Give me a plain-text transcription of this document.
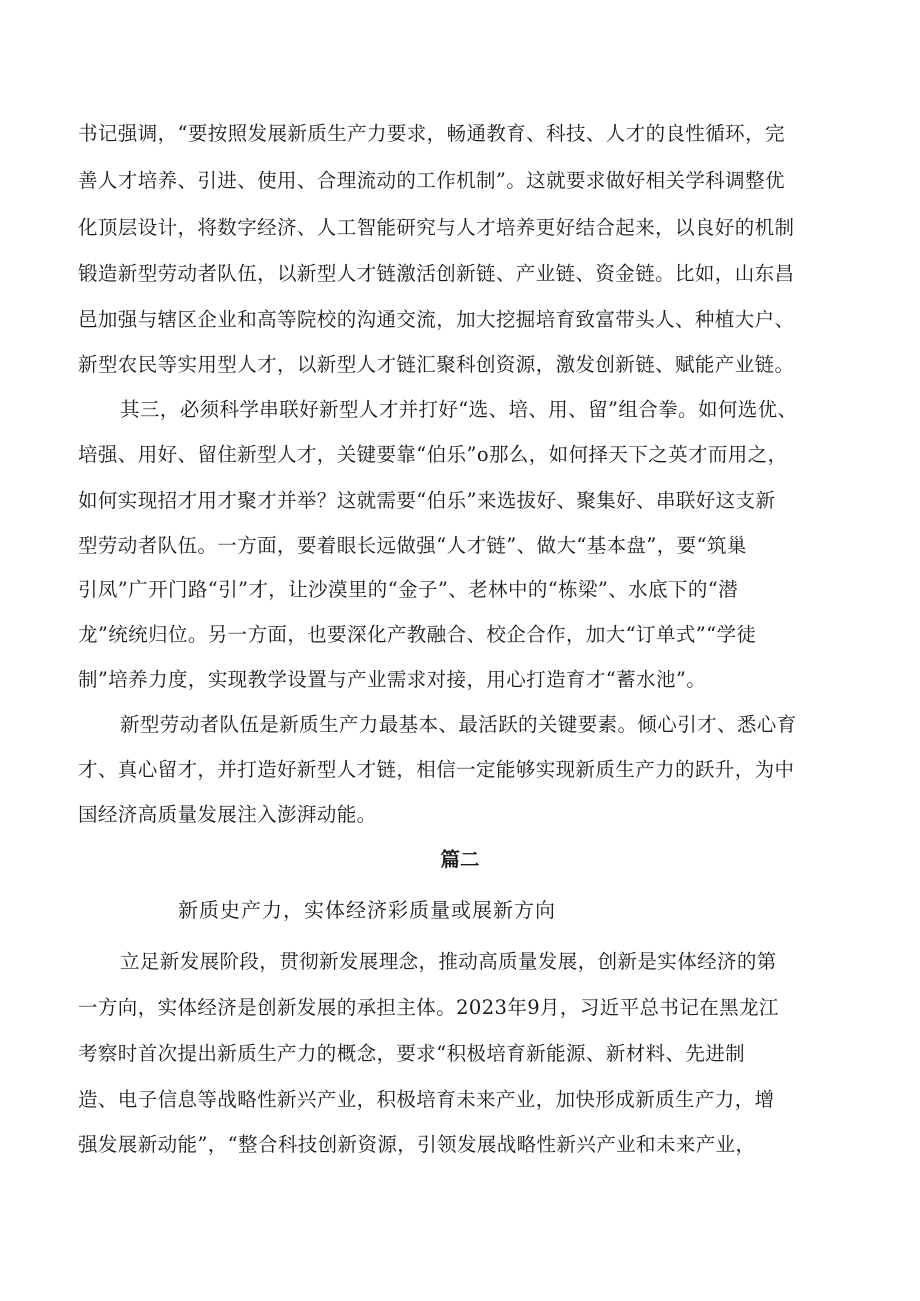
书记强调，“要按照发展新质生产力要求，畅通教育、科技、人才的良性循环，完
善人才培养、引进、使用、合理流动的工作机制”。这就要求做好相关学科调整优
化顶层设计，将数字经济、人工智能研究与人才培养更好结合起来，以良好的机制
锻造新型劳动者队伍，以新型人才链激活创新链、产业链、资金链。比如，山东昌
邑加强与辖区企业和高等院校的沟通交流，加大挖掘培育致富带头人、种植大户、
新型农民等实用型人才，以新型人才链汇聚科创资源，激发创新链、赋能产业链。
其三，必须科学串联好新型人才并打好“选、培、用、留”组合拳。如何选优、
培强、用好、留住新型人才，关键要靠“伯乐”o那么，如何择天下之英才而用之，
如何实现招才用才聚才并举？这就需要“伯乐”来选拔好、聚集好、串联好这支新
型劳动者队伍。一方面，要着眼长远做强“人才链”、做大“基本盘”，要“筑巢
引凤”广开门路“引”才，让沙漠里的“金子”、老林中的“栋梁”、水底下的“潜
龙”统统归位。另一方面，也要深化产教融合、校企合作，加大“订单式”“学徒
制”培养力度，实现教学设置与产业需求对接，用心打造育才“蓄水池”。
新型劳动者队伍是新质生产力最基本、最活跃的关键要素。倾心引才、悉心育
才、真心留才，并打造好新型人才链，相信一定能够实现新质生产力的跃升，为中
国经济高质量发展注入澎湃动能。
篇二
新质史产力，实体经济彩质量或展新方向
立足新发展阶段，贯彻新发展理念，推动高质量发展，创新是实体经济的第
一方向，实体经济是创新发展的承担主体。2023年9月，习近平总书记在黑龙江
考察时首次提出新质生产力的概念，要求“积极培育新能源、新材料、先进制
造、电子信息等战略性新兴产业，积极培育未来产业，加快形成新质生产力，增
强发展新动能”，“整合科技创新资源，引领发展战略性新兴产业和未来产业，
